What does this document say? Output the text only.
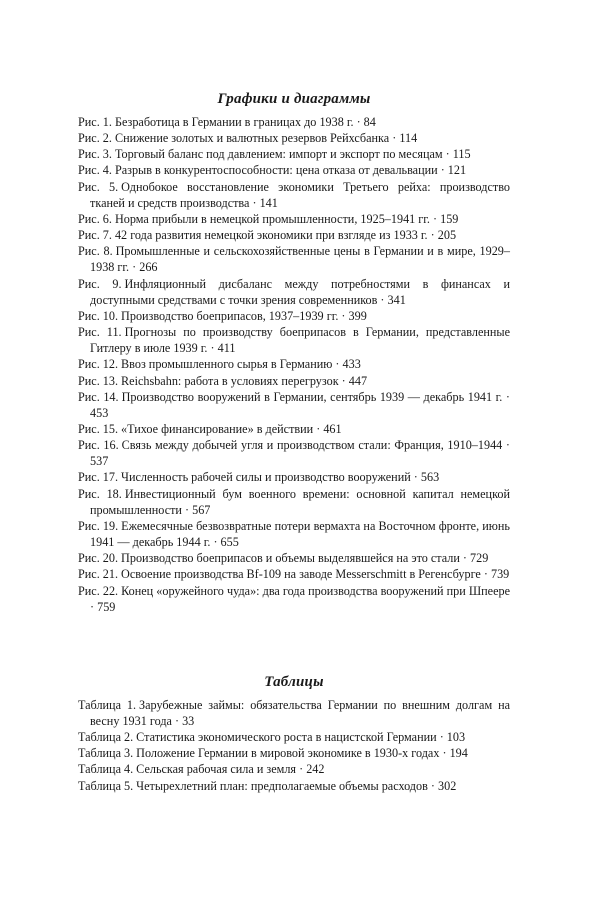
Графики и диаграммы
Рис. 1. Безработица в Германии в границах до 1938 г. · 84
Рис. 2. Снижение золотых и валютных резервов Рейхсбанка · 114
Рис. 3. Торговый баланс под давлением: импорт и экспорт по месяцам · 115
Рис. 4. Разрыв в конкурентоспособности: цена отказа от девальвации · 121
Рис. 5. Однобокое восстановление экономики Третьего рейха: производство тканей и средств производства · 141
Рис. 6. Норма прибыли в немецкой промышленности, 1925–1941 гг. · 159
Рис. 7. 42 года развития немецкой экономики при взгляде из 1933 г. · 205
Рис. 8. Промышленные и сельскохозяйственные цены в Германии и в мире, 1929–1938 гг. · 266
Рис. 9. Инфляционный дисбаланс между потребностями в финансах и доступными средствами с точки зрения современников · 341
Рис. 10. Производство боеприпасов, 1937–1939 гг. · 399
Рис. 11. Прогнозы по производству боеприпасов в Германии, представленные Гитлеру в июле 1939 г. · 411
Рис. 12. Ввоз промышленного сырья в Германию · 433
Рис. 13. Reichsbahn: работа в условиях перегрузок · 447
Рис. 14. Производство вооружений в Германии, сентябрь 1939 — декабрь 1941 г. · 453
Рис. 15. «Тихое финансирование» в действии · 461
Рис. 16. Связь между добычей угля и производством стали: Франция, 1910–1944 · 537
Рис. 17. Численность рабочей силы и производство вооружений · 563
Рис. 18. Инвестиционный бум военного времени: основной капитал немецкой промышленности · 567
Рис. 19. Ежемесячные безвозвратные потери вермахта на Восточном фронте, июнь 1941 — декабрь 1944 г. · 655
Рис. 20. Производство боеприпасов и объемы выделявшейся на это стали · 729
Рис. 21. Освоение производства Bf-109 на заводе Messerschmitt в Регенсбурге · 739
Рис. 22. Конец «оружейного чуда»: два года производства вооружений при Шпеере · 759
Таблицы
Таблица 1. Зарубежные займы: обязательства Германии по внешним долгам на весну 1931 года · 33
Таблица 2. Статистика экономического роста в нацистской Германии · 103
Таблица 3. Положение Германии в мировой экономике в 1930-х годах · 194
Таблица 4. Сельская рабочая сила и земля · 242
Таблица 5. Четырехлетний план: предполагаемые объемы расходов · 302
